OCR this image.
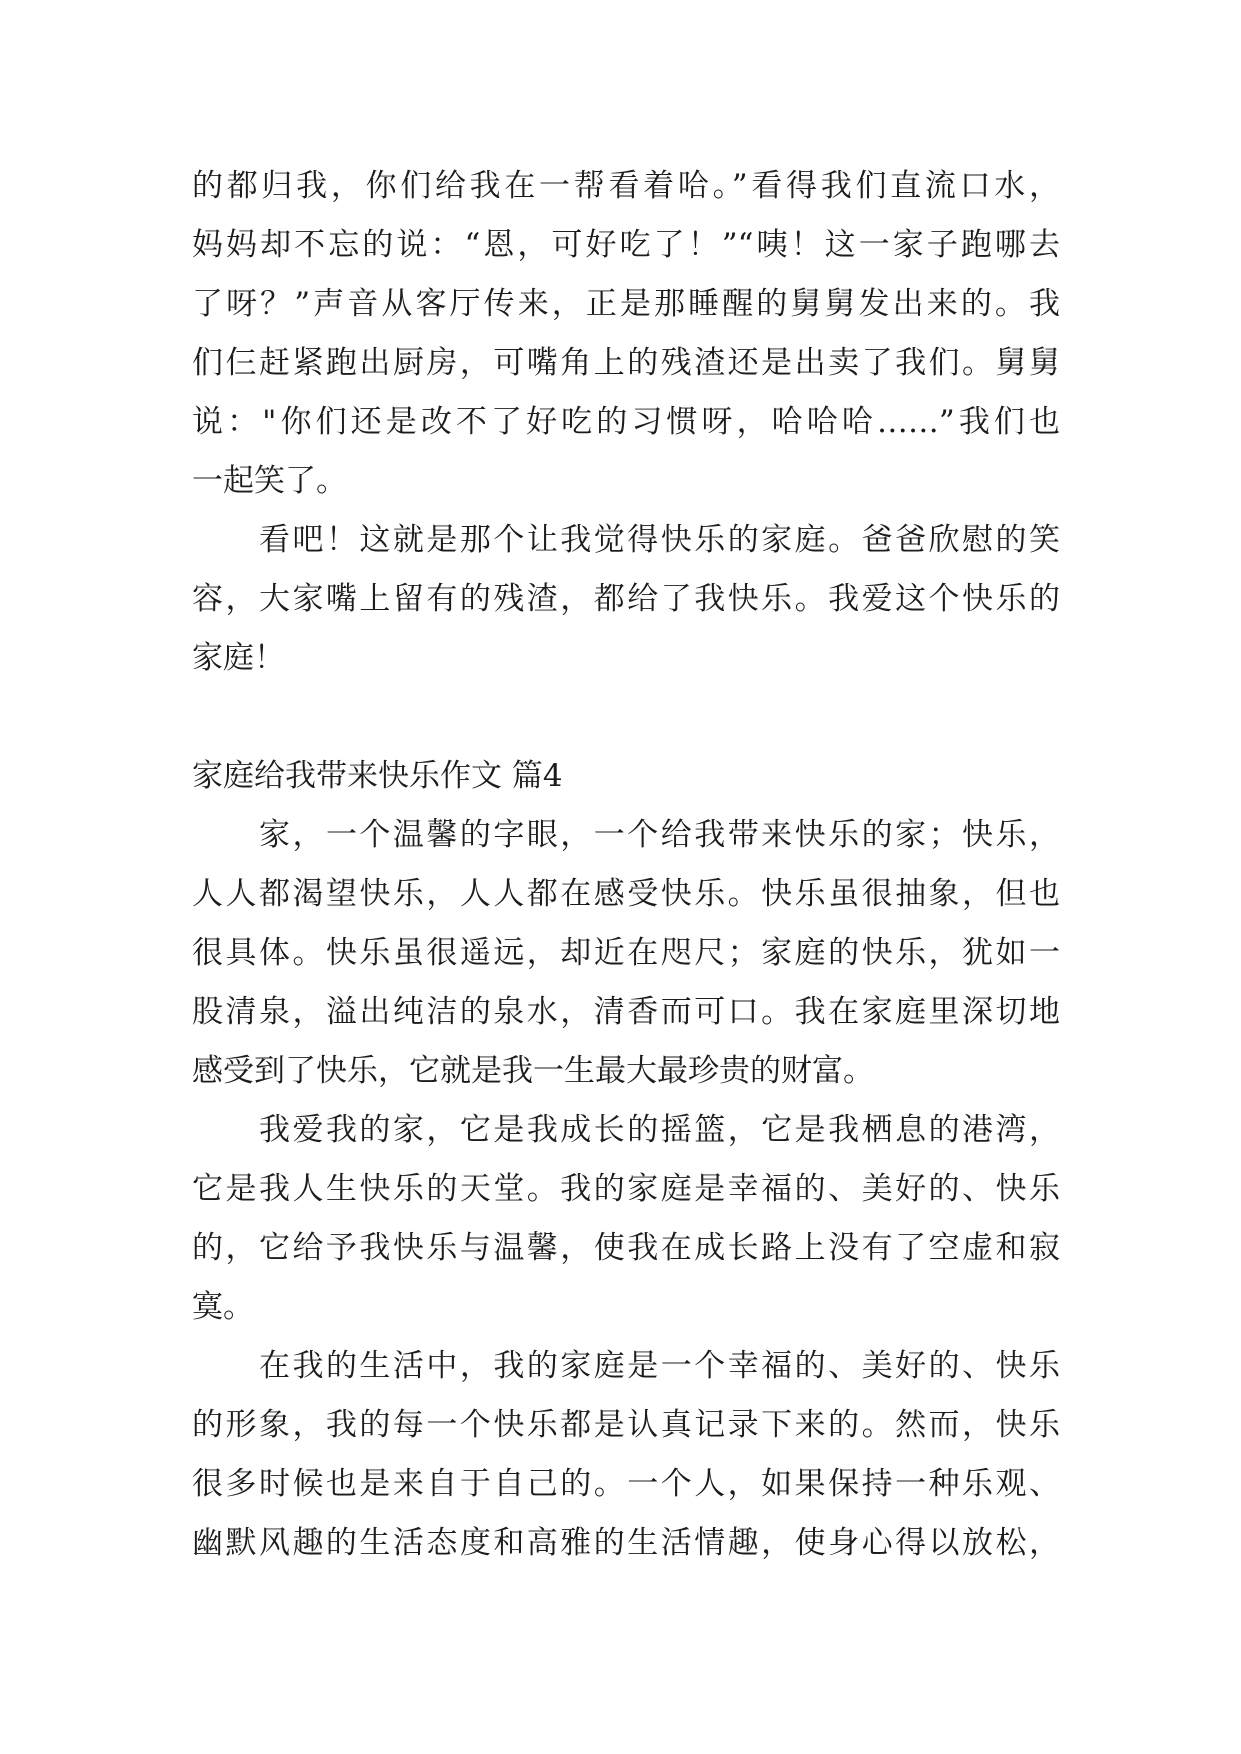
的都归我，你们给我在一帮看着哈。”看得我们直流口水，
妈妈却不忘的说：“恩，可好吃了！”“咦！这一家子跑哪去
了呀？”声音从客厅传来，正是那睡醒的舅舅发出来的。我
们仨赶紧跑出厨房，可嘴角上的残渣还是出卖了我们。舅舅
说："你们还是改不了好吃的习惯呀，哈哈哈……”我们也
一起笑了。
看吧！这就是那个让我觉得快乐的家庭。爸爸欣慰的笑
容，大家嘴上留有的残渣，都给了我快乐。我爱这个快乐的
家庭！
家庭给我带来快乐作文 篇4
家，一个温馨的字眼，一个给我带来快乐的家；快乐，
人人都渴望快乐，人人都在感受快乐。快乐虽很抽象，但也
很具体。快乐虽很遥远，却近在咫尺；家庭的快乐，犹如一
股清泉，溢出纯洁的泉水，清香而可口。我在家庭里深切地
感受到了快乐，它就是我一生最大最珍贵的财富。
我爱我的家，它是我成长的摇篮，它是我栖息的港湾，
它是我人生快乐的天堂。我的家庭是幸福的、美好的、快乐
的，它给予我快乐与温馨，使我在成长路上没有了空虚和寂
寞。
在我的生活中，我的家庭是一个幸福的、美好的、快乐
的形象，我的每一个快乐都是认真记录下来的。然而，快乐
很多时候也是来自于自己的。一个人，如果保持一种乐观、
幽默风趣的生活态度和高雅的生活情趣，使身心得以放松，
